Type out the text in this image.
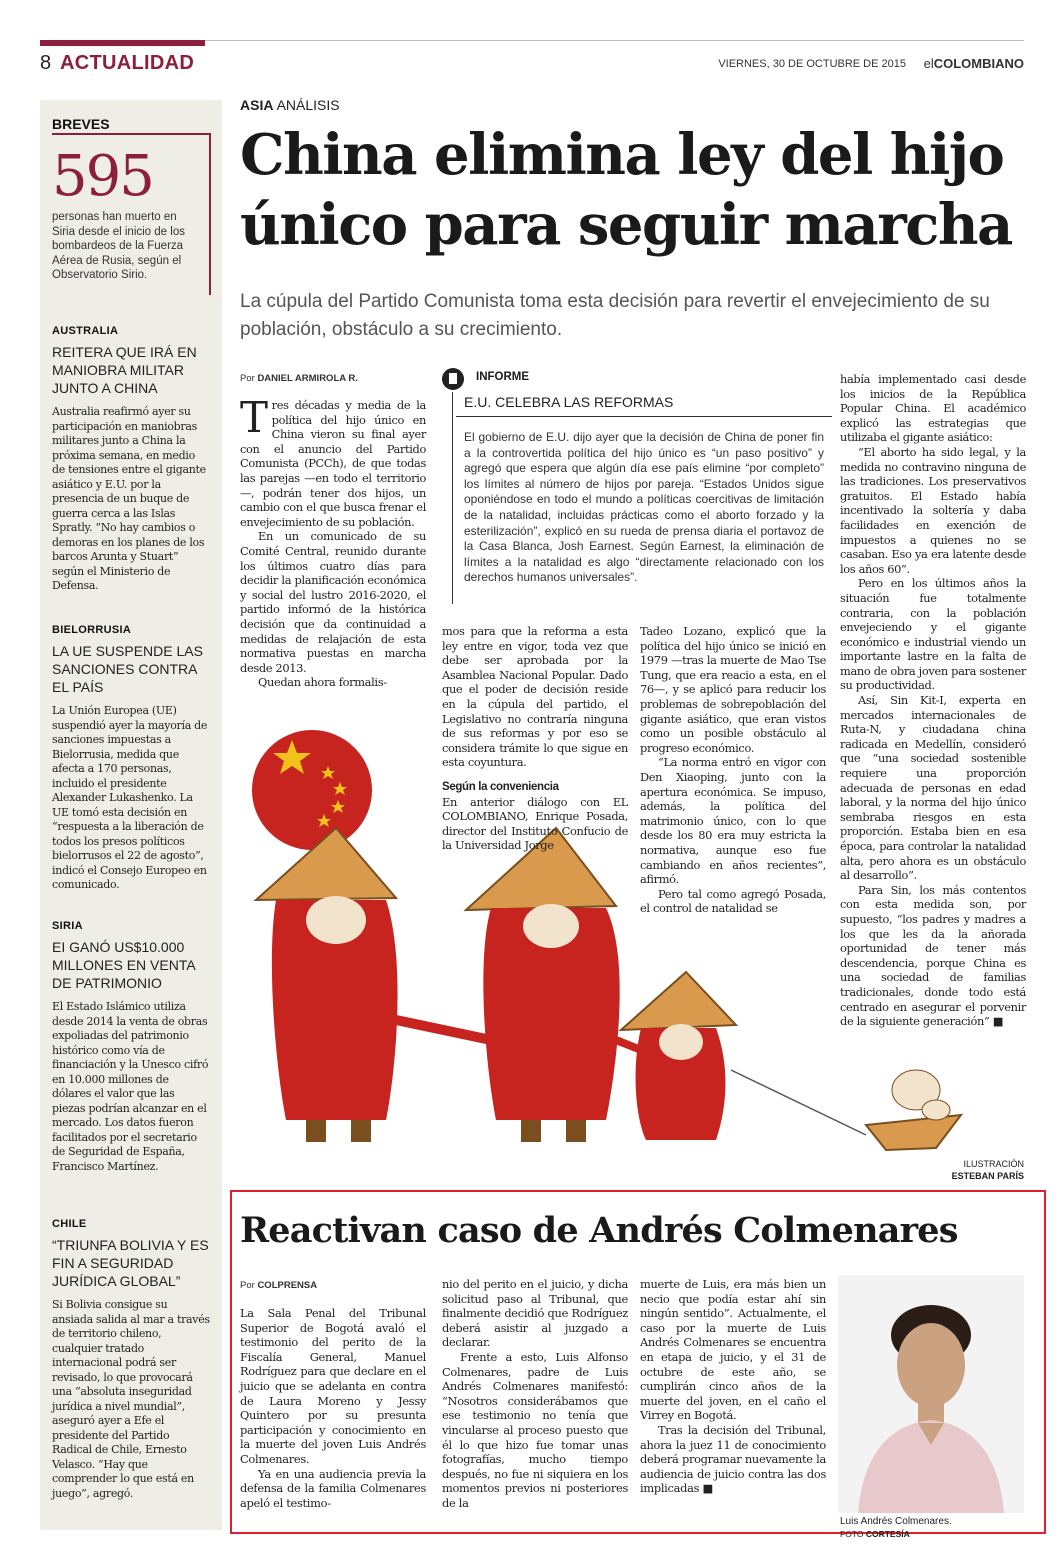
8 ACTUALIDAD	VIERNES, 30 DE OCTUBRE DE 2015 elCOLOMBIANO
BREVES
595
personas han muerto en Siria desde el inicio de los bombardeos de la Fuerza Aérea de Rusia, según el Observatorio Sirio.
AUSTRALIA
REITERA QUE IRÁ EN MANIOBRA MILITAR JUNTO A CHINA
Australia reafirmó ayer su participación en maniobras militares junto a China la próxima semana, en medio de tensiones entre el gigante asiático y E.U. por la presencia de un buque de guerra cerca a las Islas Spratly. “No hay cambios o demoras en los planes de los barcos Arunta y Stuart” según el Ministerio de Defensa.
BIELORRUSIA
LA UE SUSPENDE LAS SANCIONES CONTRA EL PAÍS
La Unión Europea (UE) suspendió ayer la mayoría de sanciones impuestas a Bielorrusia, medida que afecta a 170 personas, incluido el presidente Alexander Lukashenko. La UE tomó esta decisión en “respuesta a la liberación de todos los presos políticos bielorrusos el 22 de agosto”, indicó el Consejo Europeo en comunicado.
SIRIA
EI GANÓ US$10.000 MILLONES EN VENTA DE PATRIMONIO
El Estado Islámico utiliza desde 2014 la venta de obras expoliadas del patrimonio histórico como vía de financiación y la Unesco cifró en 10.000 millones de dólares el valor que las piezas podrían alcanzar en el mercado. Los datos fueron facilitados por el secretario de Seguridad de España, Francisco Martínez.
CHILE
“TRIUNFA BOLIVIA Y ES FIN A SEGURIDAD JURÍDICA GLOBAL”
Si Bolivia consigue su ansiada salida al mar a través de territorio chileno, cualquier tratado internacional podrá ser revisado, lo que provocará una “absoluta inseguridad jurídica a nivel mundial”, aseguró ayer a Efe el presidente del Partido Radical de Chile, Ernesto Velasco. “Hay que comprender lo que está en juego”, agregó.
ASIA ANÁLISIS
China elimina ley del hijo único para seguir marcha
La cúpula del Partido Comunista toma esta decisión para revertir el envejecimiento de su población, obstáculo a su crecimiento.
Por DANIEL ARMIROLA R.

Tres décadas y media de la política del hijo único en China vieron su final ayer con el anuncio del Partido Comunista (PCCh), de que todas las parejas —en todo el territorio—, podrán tener dos hijos, un cambio con el que busca frenar el envejecimiento de su población.

En un comunicado de su Comité Central, reunido durante los últimos cuatro días para decidir la planificación económica y social del lustro 2016-2020, el partido informó de la histórica decisión que da continuidad a medidas de relajación de esta normativa puestas en marcha desde 2013.

Quedan ahora formalis-

INFORME
E.U. CELEBRA LAS REFORMAS
El gobierno de E.U. dijo ayer que la decisión de China de poner fin a la controvertida política del hijo único es “un paso positivo” y agregó que espera que algún día ese país elimine “por completo” los límites al número de hijos por pareja. “Estados Unidos sigue oponiéndose en todo el mundo a políticas coercitivas de limitación de la natalidad, incluidas prácticas como el aborto forzado y la esterilización”, explicó en su rueda de prensa diaria el portavoz de la Casa Blanca, Josh Earnest. Según Earnest, la eliminación de límites a la natalidad es algo “directamente relacionado con los derechos humanos universales”.

mos para que la reforma a esta ley entre en vigor, toda vez que debe ser aprobada por la Asamblea Nacional Popular. Dado que el poder de decisión reside en la cúpula del partido, el Legislativo no contraría ninguna de sus reformas y por eso se considera trámite lo que sigue en esta coyuntura.

Según la conveniencia

En anterior diálogo con EL COLOMBIANO, Enrique Posada, director del Instituto Confucio de la Universidad Jorge

Tadeo Lozano, explicó que la política del hijo único se inició en 1979 —tras la muerte de Mao Tse Tung, que era reacio a esta, en el 76—, y se aplicó para reducir los problemas de sobrepoblación del gigante asiático, que eran vistos como un posible obstáculo al progreso económico.

“La norma entró en vigor con Den Xiaoping, junto con la apertura económica. Se impuso, además, la política del matrimonio único, con lo que desde los 80 era muy estricta la normativa, aunque eso fue cambiando en años recientes”, afirmó.

Pero tal como agregó Posada, el control de natalidad se

había implementado casi desde los inicios de la República Popular China. El académico explicó las estrategias que utilizaba el gigante asiático:

“El aborto ha sido legal, y la medida no contravino ninguna de las tradiciones. Los preservativos gratuitos. El Estado había incentivado la soltería y daba facilidades en exención de impuestos a quienes no se casaban. Eso ya era latente desde los años 60”.

Pero en los últimos años la situación fue totalmente contraria, con la población envejeciendo y el gigante económico e industrial viendo un importante lastre en la falta de mano de obra joven para sostener su productividad.

Así, Sin Kit-I, experta en mercados internacionales de Ruta-N, y ciudadana china radicada en Medellín, consideró que “una sociedad sostenible requiere una proporción adecuada de personas en edad laboral, y la norma del hijo único sembraba riesgos en esta proporción. Estaba bien en esa época, para controlar la natalidad alta, pero ahora es un obstáculo al desarrollo”.

Para Sin, los más contentos con esta medida son, por supuesto, “los padres y madres a los que les da la añorada oportunidad de tener más descendencia, porque China es una sociedad de familias tradicionales, donde todo está centrado en asegurar el porvenir de la siguiente generación” ■

ILUSTRACIÓN
ESTEBAN PARÍS
Reactivan caso de Andrés Colmenares
Por COLPRENSA

La Sala Penal del Tribunal Superior de Bogotá avaló el testimonio del perito de la Fiscalía General, Manuel Rodríguez para que declare en el juicio que se adelanta en contra de Laura Moreno y Jessy Quintero por su presunta participación y conocimiento en la muerte del joven Luis Andrés Colmenares.

Ya en una audiencia previa la defensa de la familia Colmenares apeló el testimo-

nio del perito en el juicio, y dicha solicitud paso al Tribunal, que finalmente decidió que Rodríguez deberá asistir al juzgado a declarar.

Frente a esto, Luis Alfonso Colmenares, padre de Luis Andrés Colmenares manifestó: “Nosotros considerábamos que ese testimonio no tenía que vincularse al proceso puesto que él lo que hizo fue tomar unas fotografías, mucho tiempo después, no fue ni siquiera en los momentos previos ni posteriores de la

muerte de Luis, era más bien un necio que podía estar ahí sin ningún sentido”. Actualmente, el caso por la muerte de Luis Andrés Colmenares se encuentra en etapa de juicio, y el 31 de octubre de este año, se cumplirán cinco años de la muerte del joven, en el caño el Virrey en Bogotá.

Tras la decisión del Tribunal, ahora la juez 11 de conocimiento deberá programar nuevamente la audiencia de juicio contra las dos implicadas ■

Luis Andrés Colmenares.
FOTO CORTESÍA
